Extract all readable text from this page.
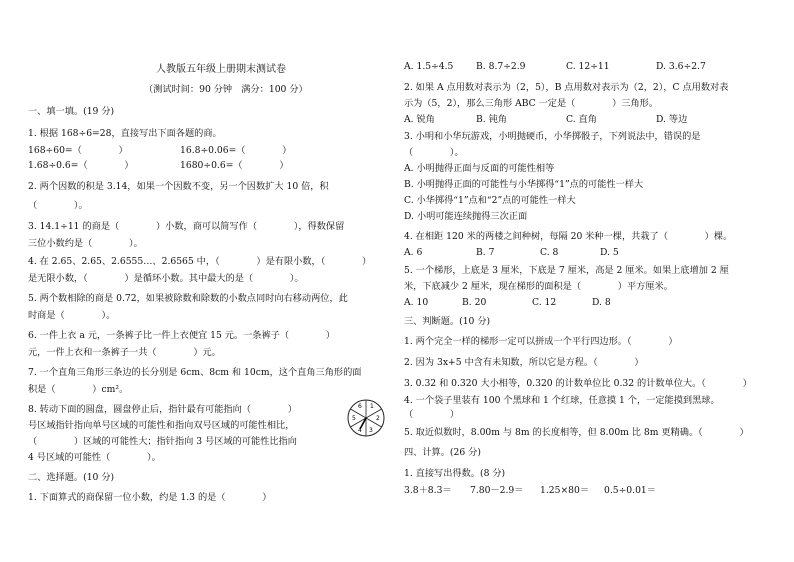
人教版五年级上册期末测试卷
（测试时间：90 分钟　满分：100 分）
一、填一填。(19 分)
1. 根据 168÷6=28，直接写出下面各题的商。
168÷60=（　　　　）	16.8÷0.06=（　　　　）
1.68÷0.6=（　　　　）	1680÷0.6=（　　　　）
2. 两个因数的积是 3.14，如果一个因数不变，另一个因数扩大 10 倍，积
（　　　　）。
3. 14.1÷11 的商是（　　　　）小数，商可以简写作（　　　　），得数保留
三位小数约是（　　　　）。
4. 在 2.65、2.65、2.6555…、2.6565 中，（　　　　）是有限小数，（　　　　）
是无限小数，（　　　　）是循环小数。其中最大的是（　　　　）。
5. 两个数相除的商是 0.72，如果被除数和除数的小数点同时向右移动两位，此
时商是（　　　　）。
6. 一件上衣 a 元，一条裤子比一件上衣便宜 15 元。一条裤子（　　　　）
元，一件上衣和一条裤子一共（　　　　）元。
7. 一个直角三角形三条边的长分别是 6cm、8cm 和 10cm，这个直角三角形的面
积是（　　　　）cm²。
8. 转动下面的圆盘，圆盘停止后，指针最有可能指向（　　　　）
号区域指针指向单号区域的可能性和指向双号区域的可能性相比，
（　　　　）区域的可能性大；指针指向 3 号区域的可能性比指向
4 号区域的可能性（　　　　）。
1
2
3
4
5
6
二、选择题。(10 分)
1. 下面算式的商保留一位小数，约是 1.3 的是（　　　　）
A. 1.5÷4.5 B. 8.7÷2.9	C. 12÷11	D. 3.6÷2.7
2. 如果 A 点用数对表示为（2，5），B 点用数对表示为（2，2），C 点用数对表
示为（5，2），那么三角形 ABC 一定是（　　　　）三角形。
A. 锐角	B. 钝角	C. 直角	D. 等边
3. 小明和小华玩游戏，小明抛硬币，小华掷骰子，下列说法中，错误的是
（　　　　）。
A. 小明抛得正面与反面的可能性相等
B. 小明抛得正面的可能性与小华掷得“1”点的可能性一样大
C. 小华掷得“1”点和“2”点的可能性一样大
D. 小明可能连续抛得三次正面
4. 在相距 120 米的两楼之间种树，每隔 20 米种一棵，共栽了（　　　　）棵。
A. 6	B. 7	C. 8	D. 5
5. 一个梯形，上底是 3 厘米，下底是 7 厘米，高是 2 厘米。如果上底增加 2 厘
米，下底减少 2 厘米，现在梯形的面积是（　　　　）平方厘米。
A. 10	B. 20	C. 12	D. 8
三、判断题。(10 分)
1. 两个完全一样的梯形一定可以拼成一个平行四边形。（　　　　）
2. 因为 3x+5 中含有未知数，所以它是方程。（　　　　）
3. 0.32 和 0.320 大小相等，0.320 的计数单位比 0.32 的计数单位大。（　　　　）
4. 一个袋子里装有 100 个黑球和 1 个红球，任意摸 1 个，一定能摸到黑球。
（　　　　）
5. 取近似数时，8.00m 与 8m 的长度相等，但 8.00m 比 8m 更精确。（　　　　）
四、计算。(26 分)
1. 直接写出得数。(8 分)
3.8＋8.3＝ 7.80－2.9＝ 1.25×80＝ 0.5÷0.01＝
